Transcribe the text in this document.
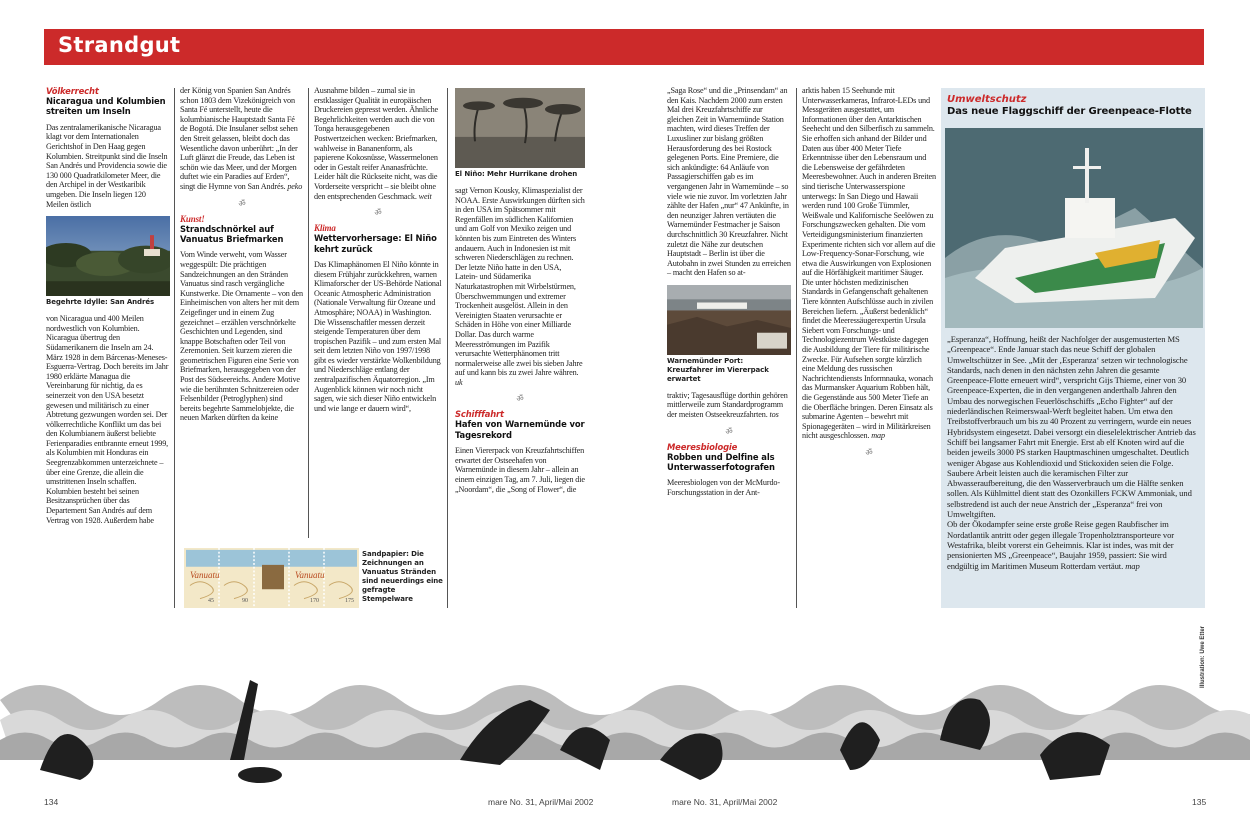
Strandgut
Völkerrecht
Nicaragua und Kolumbien streiten um Inseln

Das zentralamerikanische Nicaragua klagt vor dem Internationalen Gerichtshof in Den Haag gegen Kolumbien. Streitpunkt sind die Inseln San Andrés und Providencia sowie die 130 000 Quadratkilometer Meer, die den Archipel in der Westkaribik umgeben. Die Inseln liegen 120 Meilen östlich

Begehrte Idylle: San Andrés

von Nicaragua und 400 Meilen nordwestlich von Kolumbien. Nicaragua übertrug den Südamerikanern die Inseln am 24. März 1928 in dem Bárcenas-Meneses-Esguerra-Vertrag. Doch bereits im Jahr 1980 erklärte Managua die Vereinbarung für nichtig, da es seinerzeit von den USA besetzt gewesen und militärisch zu einer Abtretung gezwungen worden sei. Der völkerrechtliche Konflikt um das bei den Kolumbianern äußerst beliebte Ferienparadies entbrannte erneut 1999, als Kolumbien mit Honduras ein Seegrenzabkommen unterzeichnete – über eine Grenze, die allein die umstrittenen Inseln schaffen. Kolumbien besteht bei seinen Besitzansprüchen über das Departement San Andrés auf dem Vertrag von 1928. Außerdem habe

der König von Spanien San Andrés schon 1803 dem Vizekönigreich von Santa Fé unterstellt, heute die kolumbianische Hauptstadt Santa Fé de Bogotá. Die Insulaner selbst sehen den Streit gelassen, bleibt doch das Wesentliche davon unberührt: „In der Luft glänzt die Freude, das Leben ist schön wie das Meer, und der Morgen duftet wie ein Paradies auf Erden“, singt die Hymne von San Andrés. peko

ॐ
Kunst!
Strandschnörkel auf Vanuatus Briefmarken

Vom Winde verweht, vom Wasser weggespült: Die prächtigen Sandzeichnungen an den Stränden Vanuatus sind rasch vergängliche Kunstwerke. Die Ornamente – von den Einheimischen von alters her mit dem Zeigefinger und in einem Zug gezeichnet – erzählen verschnörkelte Geschichten und Legenden, sind knappe Botschaften oder Teil von Zeremonien. Seit kurzem zieren die geometrischen Figuren eine Serie von Briefmarken, herausgegeben von der Post des Südseereichs. Andere Motive wie die berühmten Schnitzereien oder Felsenbilder (Petroglyphen) sind bereits begehrte Sammelobjekte, die neuen Marken dürften da keine

Ausnahme bilden – zumal sie in erstklassiger Qualität in europäischen Druckereien gepresst werden. Ähnliche Begehrlichkeiten werden auch die von Tonga herausgegebenen Postwertzeichen wecken: Briefmarken, wahlweise in Bananenform, als papierene Kokosnüsse, Wassermelonen oder in Gestalt reifer Ananasfrüchte. Leider hält die Rückseite nicht, was die Vorderseite verspricht – sie bleibt ohne den entsprechenden Geschmack. weit

ॐ
Klima
Wettervorhersage: El Niño kehrt zurück

Das Klimaphänomen El Niño könnte in diesem Frühjahr zurückkehren, warnen Klimaforscher der US-Behörde National Oceanic Atmospheric Administration (Nationale Verwaltung für Ozeane und Atmosphäre; NOAA) in Washington. Die Wissenschaftler messen derzeit steigende Temperaturen über dem tropischen Pazifik – und zum ersten Mal seit dem letzten Niño von 1997/1998 gibt es wieder verstärkte Wolkenbildung und Niederschläge entlang der zentralpazifischen Äquatorregion. „Im Augenblick können wir noch nicht sagen, wie sich dieser Niño entwickeln und wie lange er dauern wird“,

Vanuatu	Vanuatu
45	90	170	175
Sandpapier: Die Zeichnungen an Vanuatus Stränden sind neuerdings eine gefragte Stempelware
El Niño: Mehr Hurrikane drohen

sagt Vernon Kousky, Klimaspezialist der NOAA. Erste Auswirkungen dürften sich in den USA im Spätsommer mit Regenfällen im südlichen Kalifornien und am Golf von Mexiko zeigen und könnten bis zum Eintreten des Winters andauern. Auch in Indonesien ist mit schweren Niederschlägen zu rechnen. Der letzte Niño hatte in den USA, Latein- und Südamerika Naturkatastrophen mit Wirbelstürmen, Überschwemmungen und extremer Trockenheit ausgelöst. Allein in den Vereinigten Staaten verursachte er Schäden in Höhe von einer Milliarde Dollar. Das durch warme Meeresströmungen im Pazifik verursachte Wetterphänomen tritt normalerweise alle zwei bis sieben Jahre auf und kann bis zu zwei Jahre währen. uk

ॐ
Schifffahrt
Hafen von Warnemünde vor Tagesrekord

Einen Viererpack von Kreuzfahrtschiffen erwartet der Ostseehafen von Warnemünde in diesem Jahr – allein an einem einzigen Tag, am 7. Juli, liegen die „Noordam“, die „Song of Flower“, die

„Saga Rose“ und die „Prinsendam“ an den Kais. Nachdem 2000 zum ersten Mal drei Kreuzfahrtschiffe zur gleichen Zeit in Warnemünde Station machten, wird dieses Treffen der Luxusliner zur bislang größten Herausforderung des bei Rostock gelegenen Ports. Eine Premiere, die sich ankündigte: 64 Anläufe von Passagierschiffen gab es im vergangenen Jahr in Warnemünde – so viele wie nie zuvor. Im vorletzten Jahr zählte der Hafen „nur“ 47 Ankünfte, in den neunziger Jahren vertäuten die Warnemünder Festmacher je Saison durchschnittlich 30 Kreuzfahrer. Nicht zuletzt die Nähe zur deutschen Hauptstadt – Berlin ist über die Autobahn in zwei Stunden zu erreichen – macht den Hafen so at-

Warnemünder Port: Kreuzfahrer im Viererpack erwartet

traktiv; Tagesausflüge dorthin gehören mittlerweile zum Standardprogramm der meisten Ostseekreuzfahrten. tos

ॐ
Meeresbiologie
Robben und Delfine als Unterwasserfotografen

Meeresbiologen von der McMurdo-Forschungsstation in der Ant-

arktis haben 15 Seehunde mit Unterwasserkameras, Infrarot-LEDs und Messgeräten ausgestattet, um Informationen über den Antarktischen Seehecht und den Silberfisch zu sammeln. Sie erhoffen sich anhand der Bilder und Daten aus über 400 Meter Tiefe Erkenntnisse über den Lebensraum und die Lebensweise der gefährdeten Meeresbewohner. Auch in anderen Breiten sind tierische Unterwasserspione unterwegs: In San Diego und Hawaii werden rund 100 Große Tümmler, Weißwale und Kalifornische Seelöwen zu Forschungszwecken gehalten. Die vom Verteidigungsministerium finanzierten Experimente richten sich vor allem auf die Low-Frequency-Sonar-Forschung, wie etwa die Auswirkungen von Explosionen auf die Hörfähigkeit maritimer Säuger. Die unter höchsten medizinischen Standards in Gefangenschaft gehaltenen Tiere könnten Aufschlüsse auch in zivilen Bereichen liefern. „Äußerst bedenklich“ findet die Meeressäugerexpertin Ursula Siebert vom Forschungs- und Technologiezentrum Westküste dagegen die Ausbildung der Tiere für militärische Zwecke. Für Aufsehen sorgte kürzlich eine Meldung des russischen Nachrichtendiensts Informnauka, wonach das Murmansker Aquarium Robben hält, die Gegenstände aus 500 Meter Tiefe an die Oberfläche bringen. Deren Einsatz als submarine Agenten – bewehrt mit Spionagegeräten – wird in Militärkreisen nicht ausgeschlossen. map

ॐ
Umweltschutz
Das neue Flaggschiff der Greenpeace-Flotte

„Esperanza“, Hoffnung, heißt der Nachfolger der ausgemusterten MS „Greenpeace“. Ende Januar stach das neue Schiff der globalen Umweltschützer in See. „Mit der ‚Esperanza‘ setzen wir technologische Standards, nach denen in den nächsten zehn Jahren die gesamte Greenpeace-Flotte erneuert wird“, verspricht Gijs Thieme, einer von 30 Greenpeace-Experten, die in den vergangenen anderthalb Jahren den Umbau des norwegischen Feuerlöschschiffs „Echo Fighter“ auf der niederländischen Reimerswaal-Werft begleitet haben. Um etwa den Treibstoffverbrauch um bis zu 40 Prozent zu verringern, wurde ein neues Hybridsystem eingesetzt. Dabei versorgt ein dieselelektrischer Antrieb das Schiff bei langsamer Fahrt mit Energie. Erst ab elf Knoten wird auf die beiden jeweils 3000 PS starken Hauptmaschinen umgeschaltet. Deutlich weniger Abgase aus Kohlendioxid und Stickoxiden seien die Folge. Saubere Arbeit leisten auch die keramischen Filter zur Abwasseraufbereitung, die den Wasserverbrauch um die Hälfte senken sollen. Als Kühlmittel dient statt des Ozonkillers FCKW Ammoniak, und selbstredend ist auch der neue Anstrich der „Esperanza“ frei von Umweltgiften.

Ob der Ökodampfer seine erste große Reise gegen Raubfischer im Nordatlantik antritt oder gegen illegale Tropenholztransporteure vor Westafrika, bleibt vorerst ein Geheimnis. Klar ist indes, was mit der pensionierten MS „Greenpeace“, Baujahr 1959, passiert: Sie wird endgültig im Maritimen Museum Rotterdam vertäut. map

Illustration: Uwe Etter
134	mare No. 31, April/Mai 2002	mare No. 31, April/Mai 2002	135
